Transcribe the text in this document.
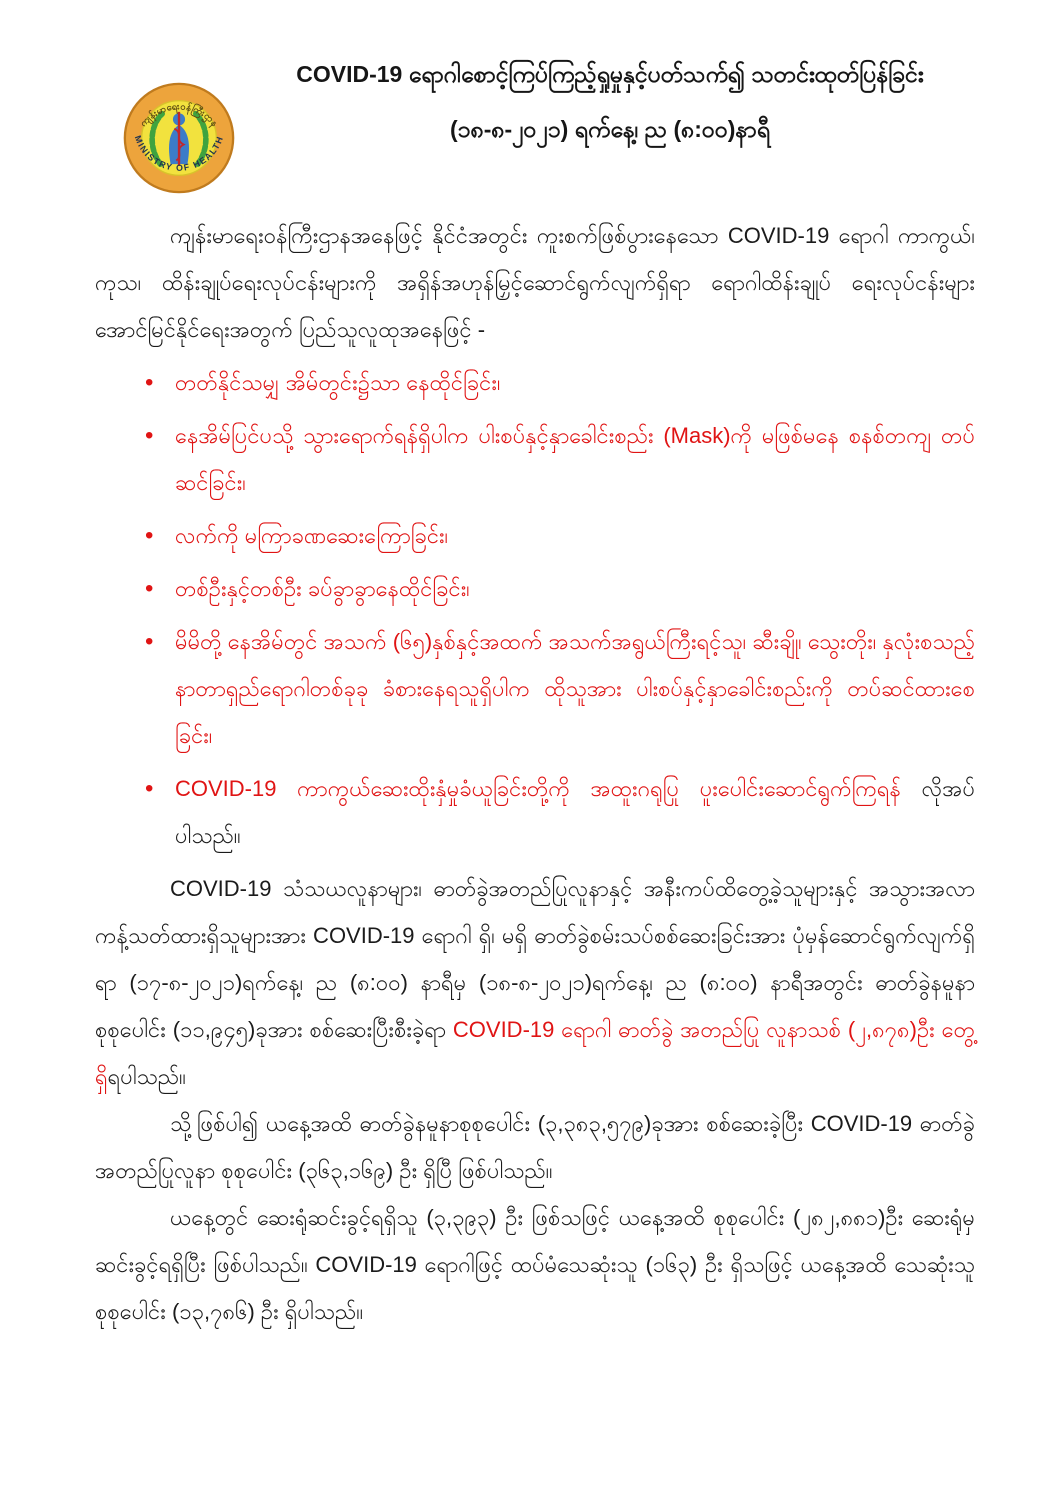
ကျန်းမာရေးဝန်ကြီးဌာန
MINISTRY OF HEALTH
COVID-19 ရောဂါစောင့်ကြပ်ကြည့်ရှုမှုနှင့်ပတ်သက်၍ သတင်းထုတ်ပြန်ခြင်း
(၁၈-၈-၂၀၂၁) ရက်နေ့၊ ည (၈:၀၀)နာရီ

ကျန်းမာရေးဝန်ကြီးဌာနအနေဖြင့် နိုင်ငံအတွင်း ကူးစက်ဖြစ်ပွားနေသော COVID-19 ရောဂါ ကာကွယ်၊ ကုသ၊ ထိန်းချုပ်ရေးလုပ်ငန်းများကို အရှိန်အဟုန်မြှင့်ဆောင်ရွက်လျက်ရှိရာ ရောဂါထိန်းချုပ် ရေးလုပ်ငန်းများ အောင်မြင်နိုင်ရေးအတွက် ပြည်သူလူထုအနေဖြင့် -

• တတ်နိုင်သမျှ အိမ်တွင်း၌သာ နေထိုင်ခြင်း၊
• နေအိမ်ပြင်ပသို့ သွားရောက်ရန်ရှိပါက ပါးစပ်နှင့်နှာခေါင်းစည်း (Mask)ကို မဖြစ်မနေ စနစ်တကျ တပ်ဆင်ခြင်း၊
• လက်ကို မကြာခဏဆေးကြောခြင်း၊
• တစ်ဦးနှင့်တစ်ဦး ခပ်ခွာခွာနေထိုင်ခြင်း၊
• မိမိတို့ နေအိမ်တွင် အသက် (၆၅)နှစ်နှင့်အထက် အသက်အရွယ်ကြီးရင့်သူ၊ ဆီးချို၊ သွေးတိုး၊ နှလုံးစသည့် နာတာရှည်ရောဂါတစ်ခုခု ခံစားနေရသူရှိပါက ထိုသူအား ပါးစပ်နှင့်နှာခေါင်းစည်းကို တပ်ဆင်ထားစေခြင်း၊
• COVID-19 ကာကွယ်ဆေးထိုးနှံမှုခံယူခြင်းတို့ကို အထူးဂရုပြု ပူးပေါင်းဆောင်ရွက်ကြရန် လိုအပ် ပါသည်။

COVID-19 သံသယလူနာများ၊ ဓာတ်ခွဲအတည်ပြုလူနာနှင့် အနီးကပ်ထိတွေ့ခဲ့သူများနှင့် အသွားအလာကန့်သတ်ထားရှိသူများအား COVID-19 ရောဂါ ရှိ၊ မရှိ ဓာတ်ခွဲစမ်းသပ်စစ်ဆေးခြင်းအား ပုံမှန်ဆောင်ရွက်လျက်ရှိရာ (၁၇-၈-၂၀၂၁)ရက်နေ့၊ ည (၈:၀၀) နာရီမှ (၁၈-၈-၂၀၂၁)ရက်နေ့၊ ည (၈:၀၀) နာရီအတွင်း ဓာတ်ခွဲနမူနာစုစုပေါင်း (၁၁,၉၄၅)ခုအား စစ်ဆေးပြီးစီးခဲ့ရာ COVID-19 ရောဂါ ဓာတ်ခွဲ အတည်ပြု လူနာသစ် (၂,၈၇၈)ဦး တွေ့ရှိရပါသည်။

သို့ဖြစ်ပါ၍ ယနေ့အထိ ဓာတ်ခွဲနမူနာစုစုပေါင်း (၃,၃၈၃,၅၇၉)ခုအား စစ်ဆေးခဲ့ပြီး COVID-19 ဓာတ်ခွဲ အတည်ပြုလူနာ စုစုပေါင်း (၃၆၃,၁၆၉) ဦး ရှိပြီ ဖြစ်ပါသည်။

ယနေ့တွင် ဆေးရုံဆင်းခွင့်ရရှိသူ (၃,၃၉၃) ဦး ဖြစ်သဖြင့် ယနေ့အထိ စုစုပေါင်း (၂၈၂,၈၈၁)ဦး ဆေးရုံမှ ဆင်းခွင့်ရရှိပြီး ဖြစ်ပါသည်။ COVID-19 ရောဂါဖြင့် ထပ်မံသေဆုံးသူ (၁၆၃) ဦး ရှိသဖြင့် ယနေ့အထိ သေဆုံးသူစုစုပေါင်း (၁၃,၇၈၆) ဦး ရှိပါသည်။
